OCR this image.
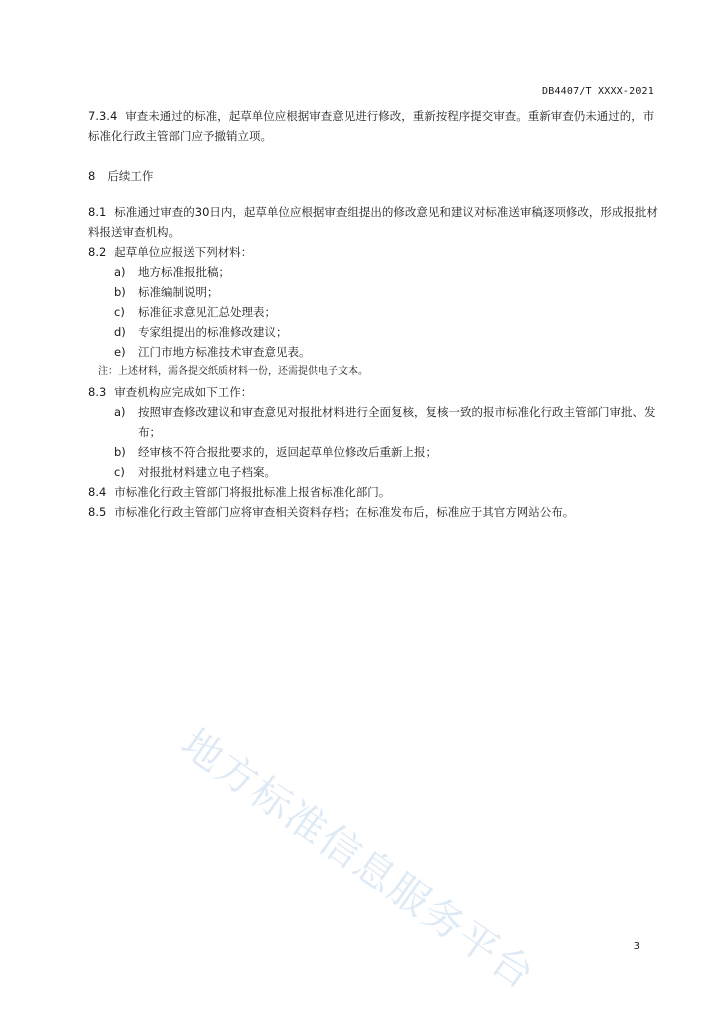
DB4407/T XXXX-2021

7.3.4 审查未通过的标准，起草单位应根据审查意见进行修改，重新按程序提交审查。重新审查仍未通过的，市标准化行政主管部门应予撤销立项。

8 后续工作

8.1 标准通过审查的30日内，起草单位应根据审查组提出的修改意见和建议对标准送审稿逐项修改，形成报批材料报送审查机构。

8.2 起草单位应报送下列材料：

a) 地方标准报批稿；
b) 标准编制说明；
c) 标准征求意见汇总处理表；
d) 专家组提出的标准修改建议；
e) 江门市地方标准技术审查意见表。
注：上述材料，需各提交纸质材料一份，还需提供电子文本。

8.3 审查机构应完成如下工作：

a) 按照审查修改建议和审查意见对报批材料进行全面复核，复核一致的报市标准化行政主管部门审批、发布；
b) 经审核不符合报批要求的，返回起草单位修改后重新上报；
c) 对报批材料建立电子档案。

8.4 市标准化行政主管部门将报批标准上报省标准化部门。

8.5 市标准化行政主管部门应将审查相关资料存档；在标准发布后，标准应于其官方网站公布。

地方标准信息服务平台	3
